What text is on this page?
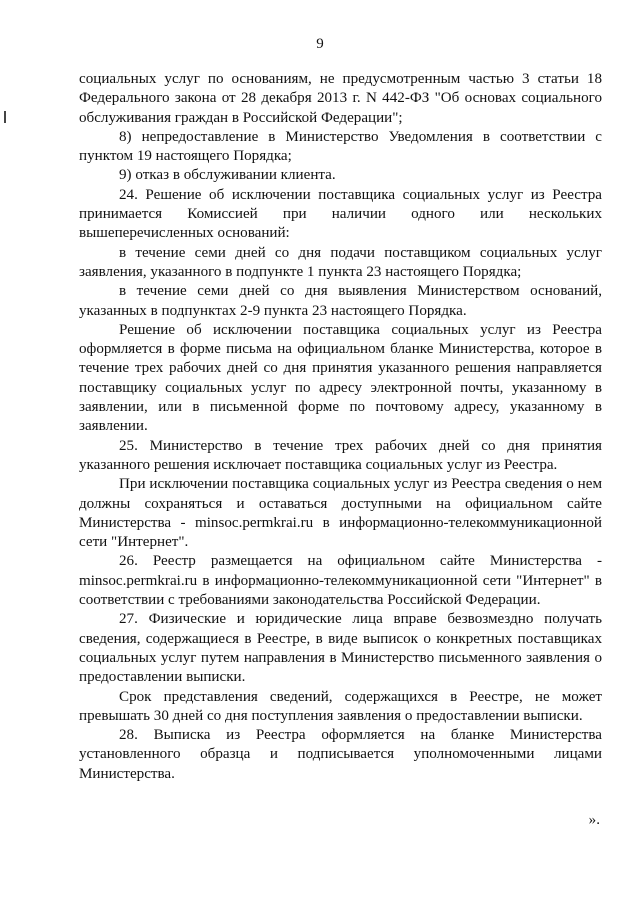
9

социальных услуг по основаниям, не предусмотренным частью 3 статьи 18 Федерального закона от 28 декабря 2013 г. N 442-ФЗ "Об основах социального обслуживания граждан в Российской Федерации";

8) непредоставление в Министерство Уведомления в соответствии с пунктом 19 настоящего Порядка;

9) отказ в обслуживании клиента.

24. Решение об исключении поставщика социальных услуг из Реестра принимается Комиссией при наличии одного или нескольких вышеперечисленных оснований:

в течение семи дней со дня подачи поставщиком социальных услуг заявления, указанного в подпункте 1 пункта 23 настоящего Порядка;

в течение семи дней со дня выявления Министерством оснований, указанных в подпунктах 2-9 пункта 23 настоящего Порядка.

Решение об исключении поставщика социальных услуг из Реестра оформляется в форме письма на официальном бланке Министерства, которое в течение трех рабочих дней со дня принятия указанного решения направляется поставщику социальных услуг по адресу электронной почты, указанному в заявлении, или в письменной форме по почтовому адресу, указанному в заявлении.

25. Министерство в течение трех рабочих дней со дня принятия указанного решения исключает поставщика социальных услуг из Реестра.

При исключении поставщика социальных услуг из Реестра сведения о нем должны сохраняться и оставаться доступными на официальном сайте Министерства - minsoc.permkrai.ru в информационно-телекоммуникационной сети "Интернет".

26. Реестр размещается на официальном сайте Министерства - minsoc.permkrai.ru в информационно-телекоммуникационной сети "Интернет" в соответствии с требованиями законодательства Российской Федерации.

27. Физические и юридические лица вправе безвозмездно получать сведения, содержащиеся в Реестре, в виде выписок о конкретных поставщиках социальных услуг путем направления в Министерство письменного заявления о предоставлении выписки.

Срок представления сведений, содержащихся в Реестре, не может превышать 30 дней со дня поступления заявления о предоставлении выписки.

28. Выписка из Реестра оформляется на бланке Министерства установленного образца и подписывается уполномоченными лицами Министерства.

».
